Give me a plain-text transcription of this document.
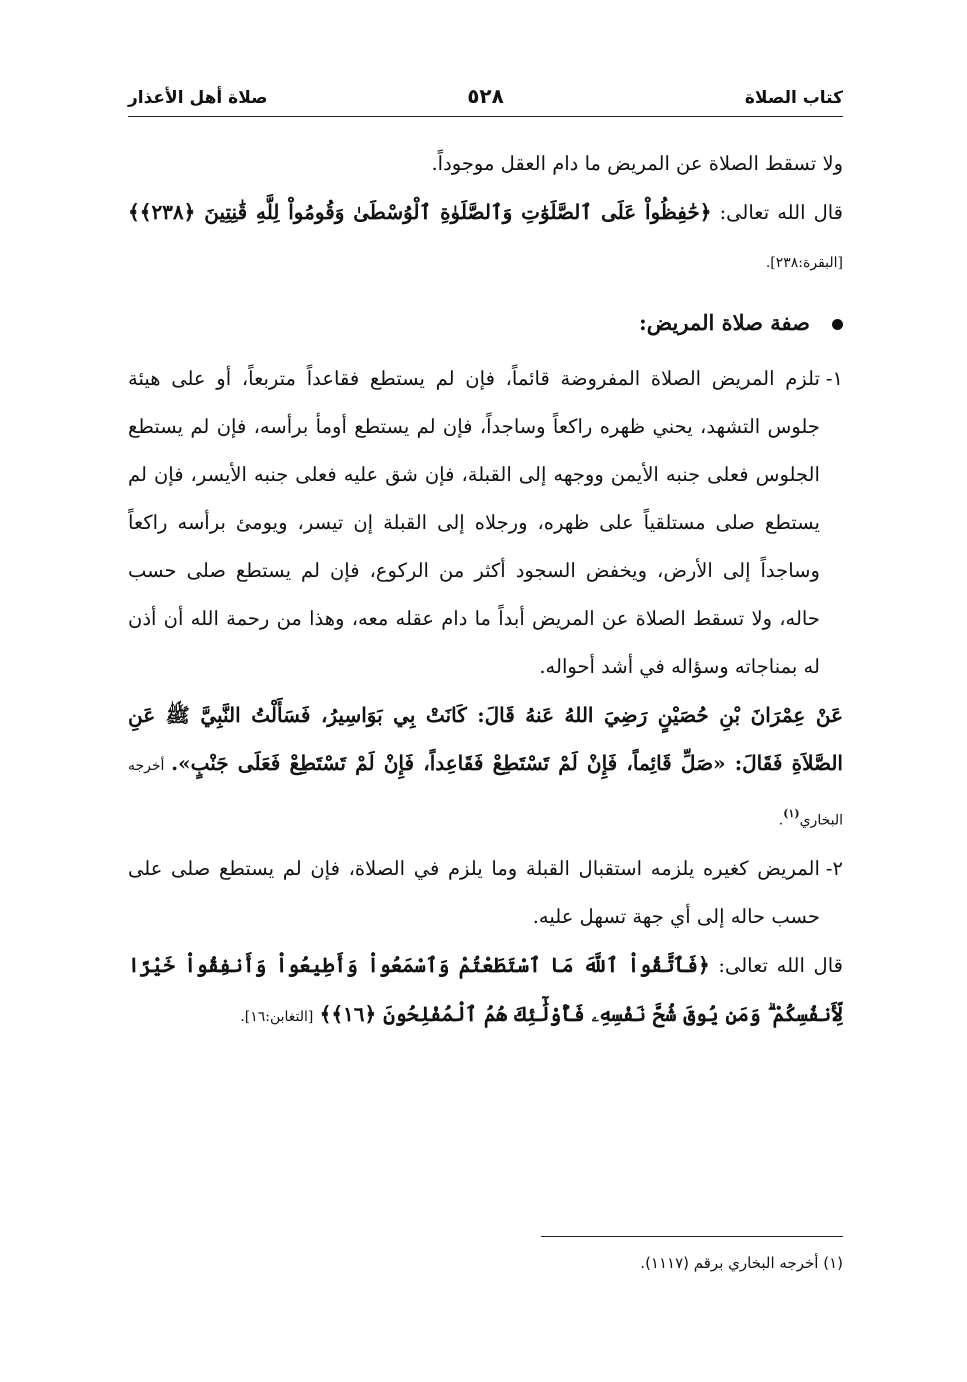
كتاب الصلاة
٥٢٨
صلاة أهل الأعذار

ولا تسقط الصلاة عن المريض ما دام العقل موجوداً.

قال الله تعالى: ﴿حَٰفِظُواْ عَلَى ٱلصَّلَوَٰتِ وَٱلصَّلَوٰةِ ٱلْوُسْطَىٰ وَقُومُواْ لِلَّهِ قَٰنِتِينَ ﴿٢٣٨﴾﴾ [البقرة:٢٣٨].

صفة صلاة المريض:
١-
تلزم المريض الصلاة المفروضة قائماً، فإن لم يستطع فقاعداً متربعاً، أو على هيئة جلوس التشهد، يحني ظهره راكعاً وساجداً، فإن لم يستطع أومأ برأسه، فإن لم يستطع الجلوس فعلى جنبه الأيمن ووجهه إلى القبلة، فإن شق عليه فعلى جنبه الأيسر، فإن لم يستطع صلى مستلقياً على ظهره، ورجلاه إلى القبلة إن تيسر، ويومئ برأسه راكعاً وساجداً إلى الأرض، ويخفض السجود أكثر من الركوع، فإن لم يستطع صلى حسب حاله، ولا تسقط الصلاة عن المريض أبداً ما دام عقله معه، وهذا من رحمة الله أن أذن له بمناجاته وسؤاله في أشد أحواله.

عَنْ عِمْرَانَ بْنِ حُصَيْنٍ رَضِيَ اللهُ عَنهُ قَالَ: كَانَتْ بِي بَوَاسِيرُ، فَسَأَلْتُ النَّبِيَّ ﷺ عَنِ الصَّلاَةِ فَقَالَ: «صَلِّ قَائِماً، فَإِنْ لَمْ تَسْتَطِعْ فَقَاعِداً، فَإِنْ لَمْ تَسْتَطِعْ فَعَلَى جَنْبٍ». أخرجه البخاري$^{(١)}$.

٢-
المريض كغيره يلزمه استقبال القبلة وما يلزم في الصلاة، فإن لم يستطع صلى على حسب حاله إلى أي جهة تسهل عليه.

قال الله تعالى: ﴿فَٱتَّقُواْ ٱللَّهَ مَا ٱسْتَطَعْتُمْ وَٱسْمَعُواْ وَأَطِيعُواْ وَأَنفِقُواْ خَيْرًا لِّأَنفُسِكُمْ ۗ وَمَن يُوقَ شُحَّ نَفْسِهِۦ فَأُوْلَٰٓئِكَ هُمُ ٱلْمُفْلِحُونَ ﴿١٦﴾﴾ [التغابن:١٦].

(١) أخرجه البخاري برقم (١١١٧).
